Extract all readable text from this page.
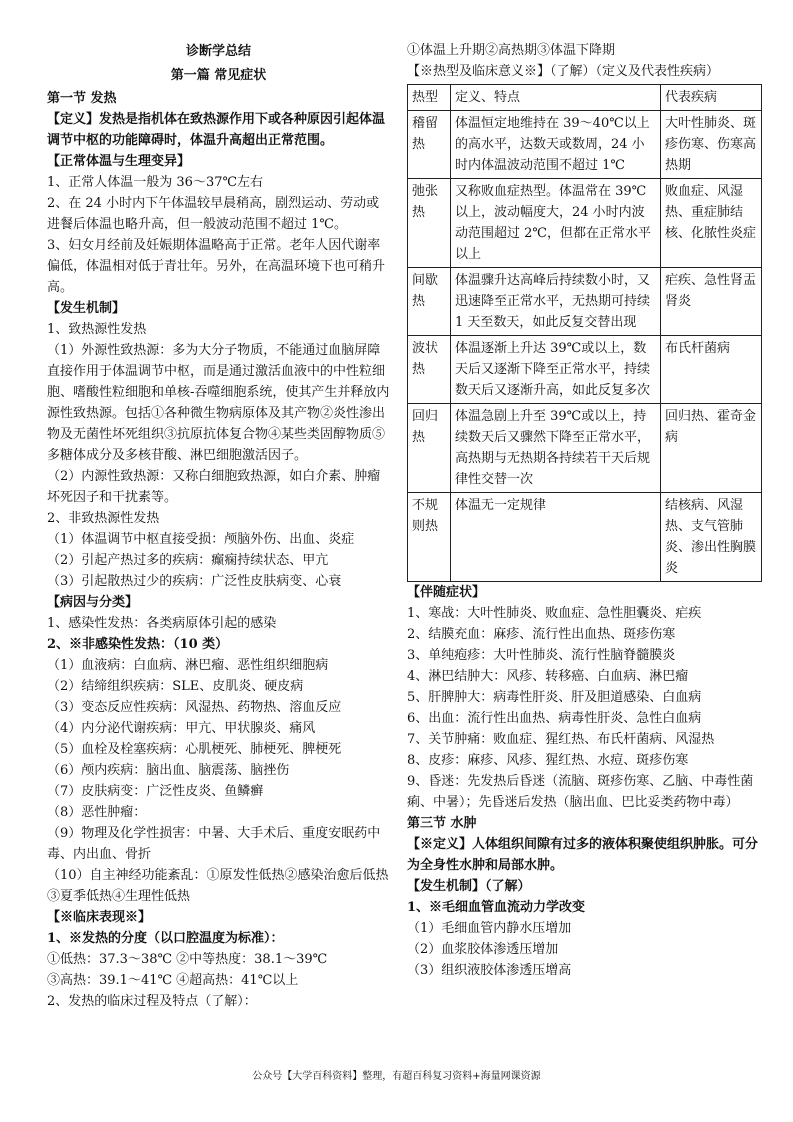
诊断学总结

第一篇 常见症状

第一节 发热

【定义】发热是指机体在致热源作用下或各种原因引起体温调节中枢的功能障碍时，体温升高超出正常范围。

【正常体温与生理变异】

1、正常人体温一般为 36～37℃左右

2、在 24 小时内下午体温较早晨稍高，剧烈运动、劳动或进餐后体温也略升高，但一般波动范围不超过 1℃。

3、妇女月经前及妊娠期体温略高于正常。老年人因代谢率偏低，体温相对低于青壮年。另外，在高温环境下也可稍升高。

【发生机制】

1、致热源性发热

（1）外源性致热源：多为大分子物质，不能通过血脑屏障直接作用于体温调节中枢，而是通过激活血液中的中性粒细胞、嗜酸性粒细胞和单核-吞噬细胞系统，使其产生并释放内源性致热源。包括①各种微生物病原体及其产物②炎性渗出物及无菌性坏死组织③抗原抗体复合物④某些类固醇物质⑤多糖体成分及多核苷酸、淋巴细胞激活因子。

（2）内源性致热源：又称白细胞致热源，如白介素、肿瘤坏死因子和干扰素等。

2、非致热源性发热

（1）体温调节中枢直接受损：颅脑外伤、出血、炎症

（2）引起产热过多的疾病：癫痫持续状态、甲亢

（3）引起散热过少的疾病：广泛性皮肤病变、心衰

【病因与分类】

1、感染性发热：各类病原体引起的感染

2、※非感染性发热：（10 类）

（1）血液病：白血病、淋巴瘤、恶性组织细胞病

（2）结缔组织疾病：SLE、皮肌炎、硬皮病

（3）变态反应性疾病：风湿热、药物热、溶血反应

（4）内分泌代谢疾病：甲亢、甲状腺炎、痛风

（5）血栓及栓塞疾病：心肌梗死、肺梗死、脾梗死

（6）颅内疾病：脑出血、脑震荡、脑挫伤

（7）皮肤病变：广泛性皮炎、鱼鳞癣

（8）恶性肿瘤：

（9）物理及化学性损害：中暑、大手术后、重度安眠药中毒、内出血、骨折

（10）自主神经功能紊乱：①原发性低热②感染治愈后低热③夏季低热④生理性低热

【※临床表现※】

1、※发热的分度（以口腔温度为标准）：

①低热：37.3～38℃ ②中等热度：38.1～39℃

③高热：39.1～41℃ ④超高热：41℃以上

2、发热的临床过程及特点（了解）：

①体温上升期②高热期③体温下降期

【※热型及临床意义※】（了解）（定义及代表性疾病）

热型	定义、特点	代表疾病
稽留热	体温恒定地维持在 39～40℃以上的高水平，达数天或数周，24 小时内体温波动范围不超过 1℃	大叶性肺炎、斑疹伤寒、伤寒高热期
弛张热	又称败血症热型。体温常在 39℃以上，波动幅度大，24 小时内波动范围超过 2℃，但都在正常水平以上	败血症、风湿热、重症肺结核、化脓性炎症
间歇热	体温骤升达高峰后持续数小时，又迅速降至正常水平，无热期可持续 1 天至数天，如此反复交替出现	疟疾、急性肾盂肾炎
波状热	体温逐渐上升达 39℃或以上，数天后又逐渐下降至正常水平，持续数天后又逐渐升高，如此反复多次	布氏杆菌病
回归热	体温急剧上升至 39℃或以上，持续数天后又骤然下降至正常水平，高热期与无热期各持续若干天后规律性交替一次	回归热、霍奇金病
不规则热	体温无一定规律	结核病、风湿热、支气管肺炎、渗出性胸膜炎

【伴随症状】

1、寒战：大叶性肺炎、败血症、急性胆囊炎、疟疾

2、结膜充血：麻疹、流行性出血热、斑疹伤寒

3、单纯疱疹：大叶性肺炎、流行性脑脊髓膜炎

4、淋巴结肿大：风疹、转移癌、白血病、淋巴瘤

5、肝脾肿大：病毒性肝炎、肝及胆道感染、白血病

6、出血：流行性出血热、病毒性肝炎、急性白血病

7、关节肿痛：败血症、猩红热、布氏杆菌病、风湿热

8、皮疹：麻疹、风疹、猩红热、水痘、斑疹伤寒

9、昏迷：先发热后昏迷（流脑、斑疹伤寒、乙脑、中毒性菌痢、中暑）；先昏迷后发热（脑出血、巴比妥类药物中毒）

第三节 水肿

【※定义】人体组织间隙有过多的液体积聚使组织肿胀。可分为全身性水肿和局部水肿。

【发生机制】（了解）

1、※毛细血管血流动力学改变

（1）毛细血管内静水压增加

（2）血浆胶体渗透压增加

（3）组织液胶体渗透压增高

公众号【大学百科资料】整理，有超百科复习资料+海量网课资源
